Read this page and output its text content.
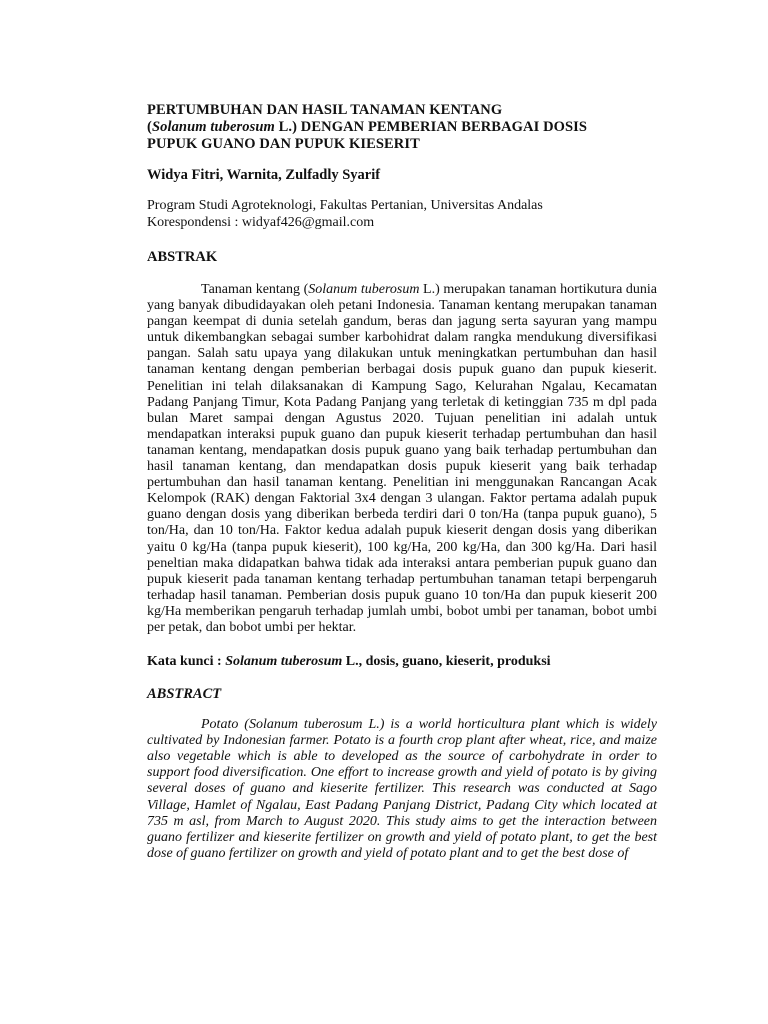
PERTUMBUHAN DAN HASIL TANAMAN KENTANG
(Solanum tuberosum L.) DENGAN PEMBERIAN BERBAGAI DOSIS
PUPUK GUANO DAN PUPUK KIESERIT
Widya Fitri, Warnita, Zulfadly Syarif
Program Studi Agroteknologi, Fakultas Pertanian, Universitas Andalas
Korespondensi : widyaf426@gmail.com
ABSTRAK

Tanaman kentang (Solanum tuberosum L.) merupakan tanaman hortikutura dunia yang banyak dibudidayakan oleh petani Indonesia. Tanaman kentang merupakan tanaman pangan keempat di dunia setelah gandum, beras dan jagung serta sayuran yang mampu untuk dikembangkan sebagai sumber karbohidrat dalam rangka mendukung diversifikasi pangan. Salah satu upaya yang dilakukan untuk meningkatkan pertumbuhan dan hasil tanaman kentang dengan pemberian berbagai dosis pupuk guano dan pupuk kieserit. Penelitian ini telah dilaksanakan di Kampung Sago, Kelurahan Ngalau, Kecamatan Padang Panjang Timur, Kota Padang Panjang yang terletak di ketinggian 735 m dpl pada bulan Maret sampai dengan Agustus 2020. Tujuan penelitian ini adalah untuk mendapatkan interaksi pupuk guano dan pupuk kieserit terhadap pertumbuhan dan hasil tanaman kentang, mendapatkan dosis pupuk guano yang baik terhadap pertumbuhan dan hasil tanaman kentang, dan mendapatkan dosis pupuk kieserit yang baik terhadap pertumbuhan dan hasil tanaman kentang. Penelitian ini menggunakan Rancangan Acak Kelompok (RAK) dengan Faktorial 3x4 dengan 3 ulangan. Faktor pertama adalah pupuk guano dengan dosis yang diberikan berbeda terdiri dari 0 ton/Ha (tanpa pupuk guano), 5 ton/Ha, dan 10 ton/Ha. Faktor kedua adalah pupuk kieserit dengan dosis yang diberikan yaitu 0 kg/Ha (tanpa pupuk kieserit), 100 kg/Ha, 200 kg/Ha, dan 300 kg/Ha. Dari hasil peneltian maka didapatkan bahwa tidak ada interaksi antara pemberian pupuk guano dan pupuk kieserit pada tanaman kentang terhadap pertumbuhan tanaman tetapi berpengaruh terhadap hasil tanaman. Pemberian dosis pupuk guano 10 ton/Ha dan pupuk kieserit 200 kg/Ha memberikan pengaruh terhadap jumlah umbi, bobot umbi per tanaman, bobot umbi per petak, dan bobot umbi per hektar.

Kata kunci : Solanum tuberosum L., dosis, guano, kieserit, produksi
ABSTRACT

Potato (Solanum tuberosum L.) is a world horticultura plant which is widely cultivated by Indonesian farmer. Potato is a fourth crop plant after wheat, rice, and maize also vegetable which is able to developed as the source of carbohydrate in order to support food diversification. One effort to increase growth and yield of potato is by giving several doses of guano and kieserite fertilizer. This research was conducted at Sago Village, Hamlet of Ngalau, East Padang Panjang District, Padang City which located at 735 m asl, from March to August 2020. This study aims to get the interaction between guano fertilizer and kieserite fertilizer on growth and yield of potato plant, to get the best dose of guano fertilizer on growth and yield of potato plant and to get the best dose of
